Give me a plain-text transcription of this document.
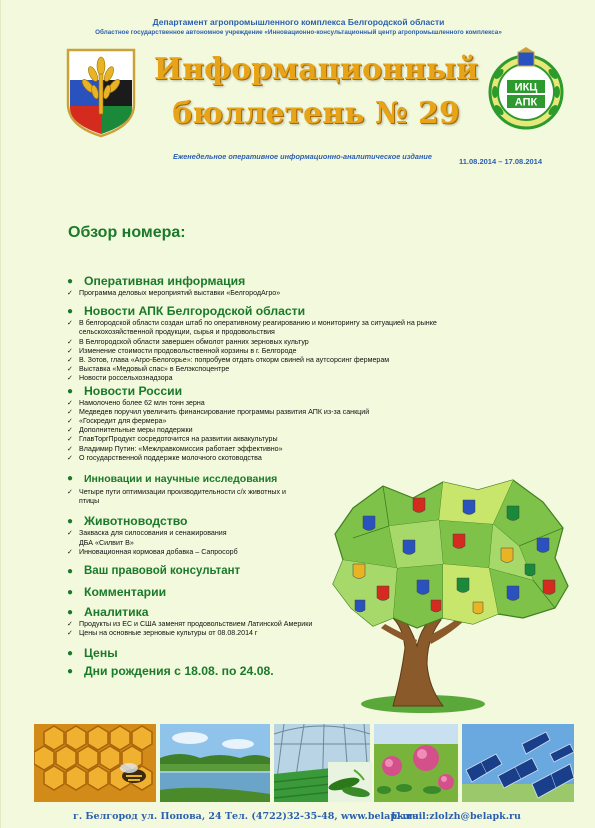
Департамент агропромышленного комплекса Белгородской области
Областное государственное автономное учреждение «Инновационно-консультационный центр агропромышленного комплекса»
Информационный
бюллетень № 29
ИКЦ
АПК
Еженедельное оперативное информационно-аналитическое издание
11.08.2014 – 17.08.2014
Обзор номера:
● Оперативная информация
✓ Программа деловых мероприятий выставки «БелгородАгро»
● Новости АПК Белгородской области
✓ В белгородской области создан штаб по оперативному реагированию и мониторингу за ситуацией на рынке сельскохозяйственной продукции, сырья и продовольствия
✓ В Белгородской области завершен обмолот ранних зерновых культур
✓ Изменение стоимости продовольственной корзины в г. Белгороде
✓ В. Зотов, глава «Агро-Белогорье»: попробуем отдать откорм свиней на аутсорсинг фермерам
✓ Выставка «Медовый спас» в Белэкспоцентре
✓ Новости россельхознадзора
● Новости России
✓ Намолочено более 62 млн тонн зерна
✓ Медведев поручил увеличить финансирование программы развития АПК из-за санкций
✓ «Госкредит для фермера»
✓ Дополнительные меры поддержки
✓ ГлавТоргПродукт сосредоточится на развитии аквакультуры
✓ Владимир Путин: «Межлравкомиссия работает эффективно»
✓ О государственной поддержке молочного скотоводства
●	Инновации и научные исследования
✓ Четыре пути оптимизации производительности с/х животных и птицы
● Животноводство
✓ Закваска для силосования и сенажирования
ДБА «Силвит В»
✓ Инновационная кормовая добавка – Сапросорб
● Ваш правовой консультант
● Комментарии
● Аналитика
✓ Продукты из ЕС и США заменят продовольствием Латинской Америки
✓ Цены на основные зерновые культуры от 08.08.2014 г
● Цены
● Дни рождения с 18.08. по 24.08.
г. Белгород ул. Попова, 24 Тел. (4722)32-35-48, www.belapk.ru
E-mail:zlolzh@belapk.ru
